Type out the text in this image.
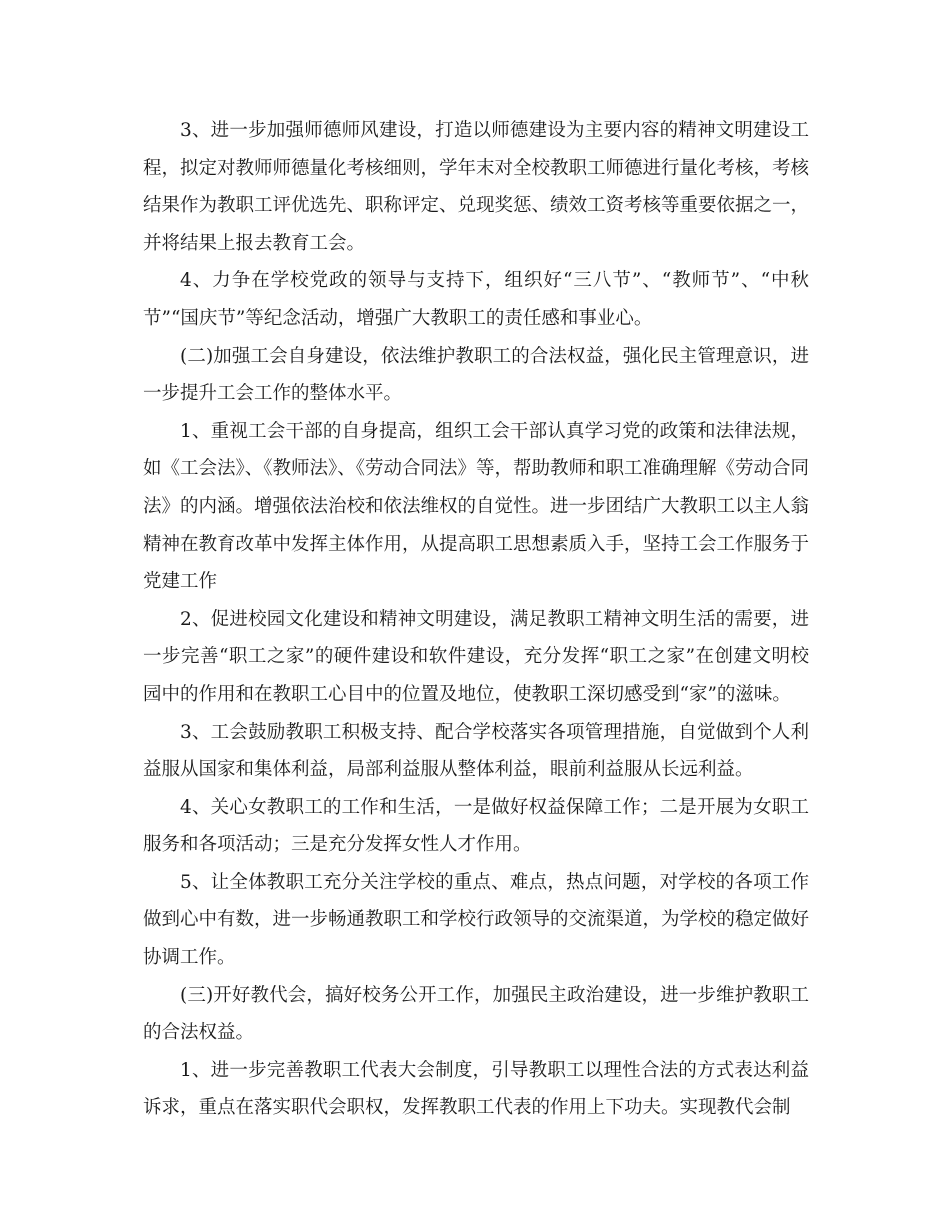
3、进一步加强师德师风建设，打造以师德建设为主要内容的精神文明建设工程，拟定对教师师德量化考核细则，学年末对全校教职工师德进行量化考核，考核结果作为教职工评优选先、职称评定、兑现奖惩、绩效工资考核等重要依据之一，并将结果上报去教育工会。

4、力争在学校党政的领导与支持下，组织好“三八节”、“教师节”、“中秋节”“国庆节”等纪念活动，增强广大教职工的责任感和事业心。

(二)加强工会自身建设，依法维护教职工的合法权益，强化民主管理意识，进一步提升工会工作的整体水平。

1、重视工会干部的自身提高，组织工会干部认真学习党的政策和法律法规，如《工会法》、《教师法》、《劳动合同法》等，帮助教师和职工准确理解《劳动合同法》的内涵。增强依法治校和依法维权的自觉性。进一步团结广大教职工以主人翁精神在教育改革中发挥主体作用，从提高职工思想素质入手，坚持工会工作服务于党建工作

2、促进校园文化建设和精神文明建设，满足教职工精神文明生活的需要，进一步完善“职工之家”的硬件建设和软件建设，充分发挥“职工之家”在创建文明校园中的作用和在教职工心目中的位置及地位，使教职工深切感受到“家”的滋味。

3、工会鼓励教职工积极支持、配合学校落实各项管理措施，自觉做到个人利益服从国家和集体利益，局部利益服从整体利益，眼前利益服从长远利益。

4、关心女教职工的工作和生活，一是做好权益保障工作；二是开展为女职工服务和各项活动；三是充分发挥女性人才作用。

5、让全体教职工充分关注学校的重点、难点，热点问题，对学校的各项工作做到心中有数，进一步畅通教职工和学校行政领导的交流渠道，为学校的稳定做好协调工作。

(三)开好教代会，搞好校务公开工作，加强民主政治建设，进一步维护教职工的合法权益。

1、进一步完善教职工代表大会制度，引导教职工以理性合法的方式表达利益诉求，重点在落实职代会职权，发挥教职工代表的作用上下功夫。实现教代会制
